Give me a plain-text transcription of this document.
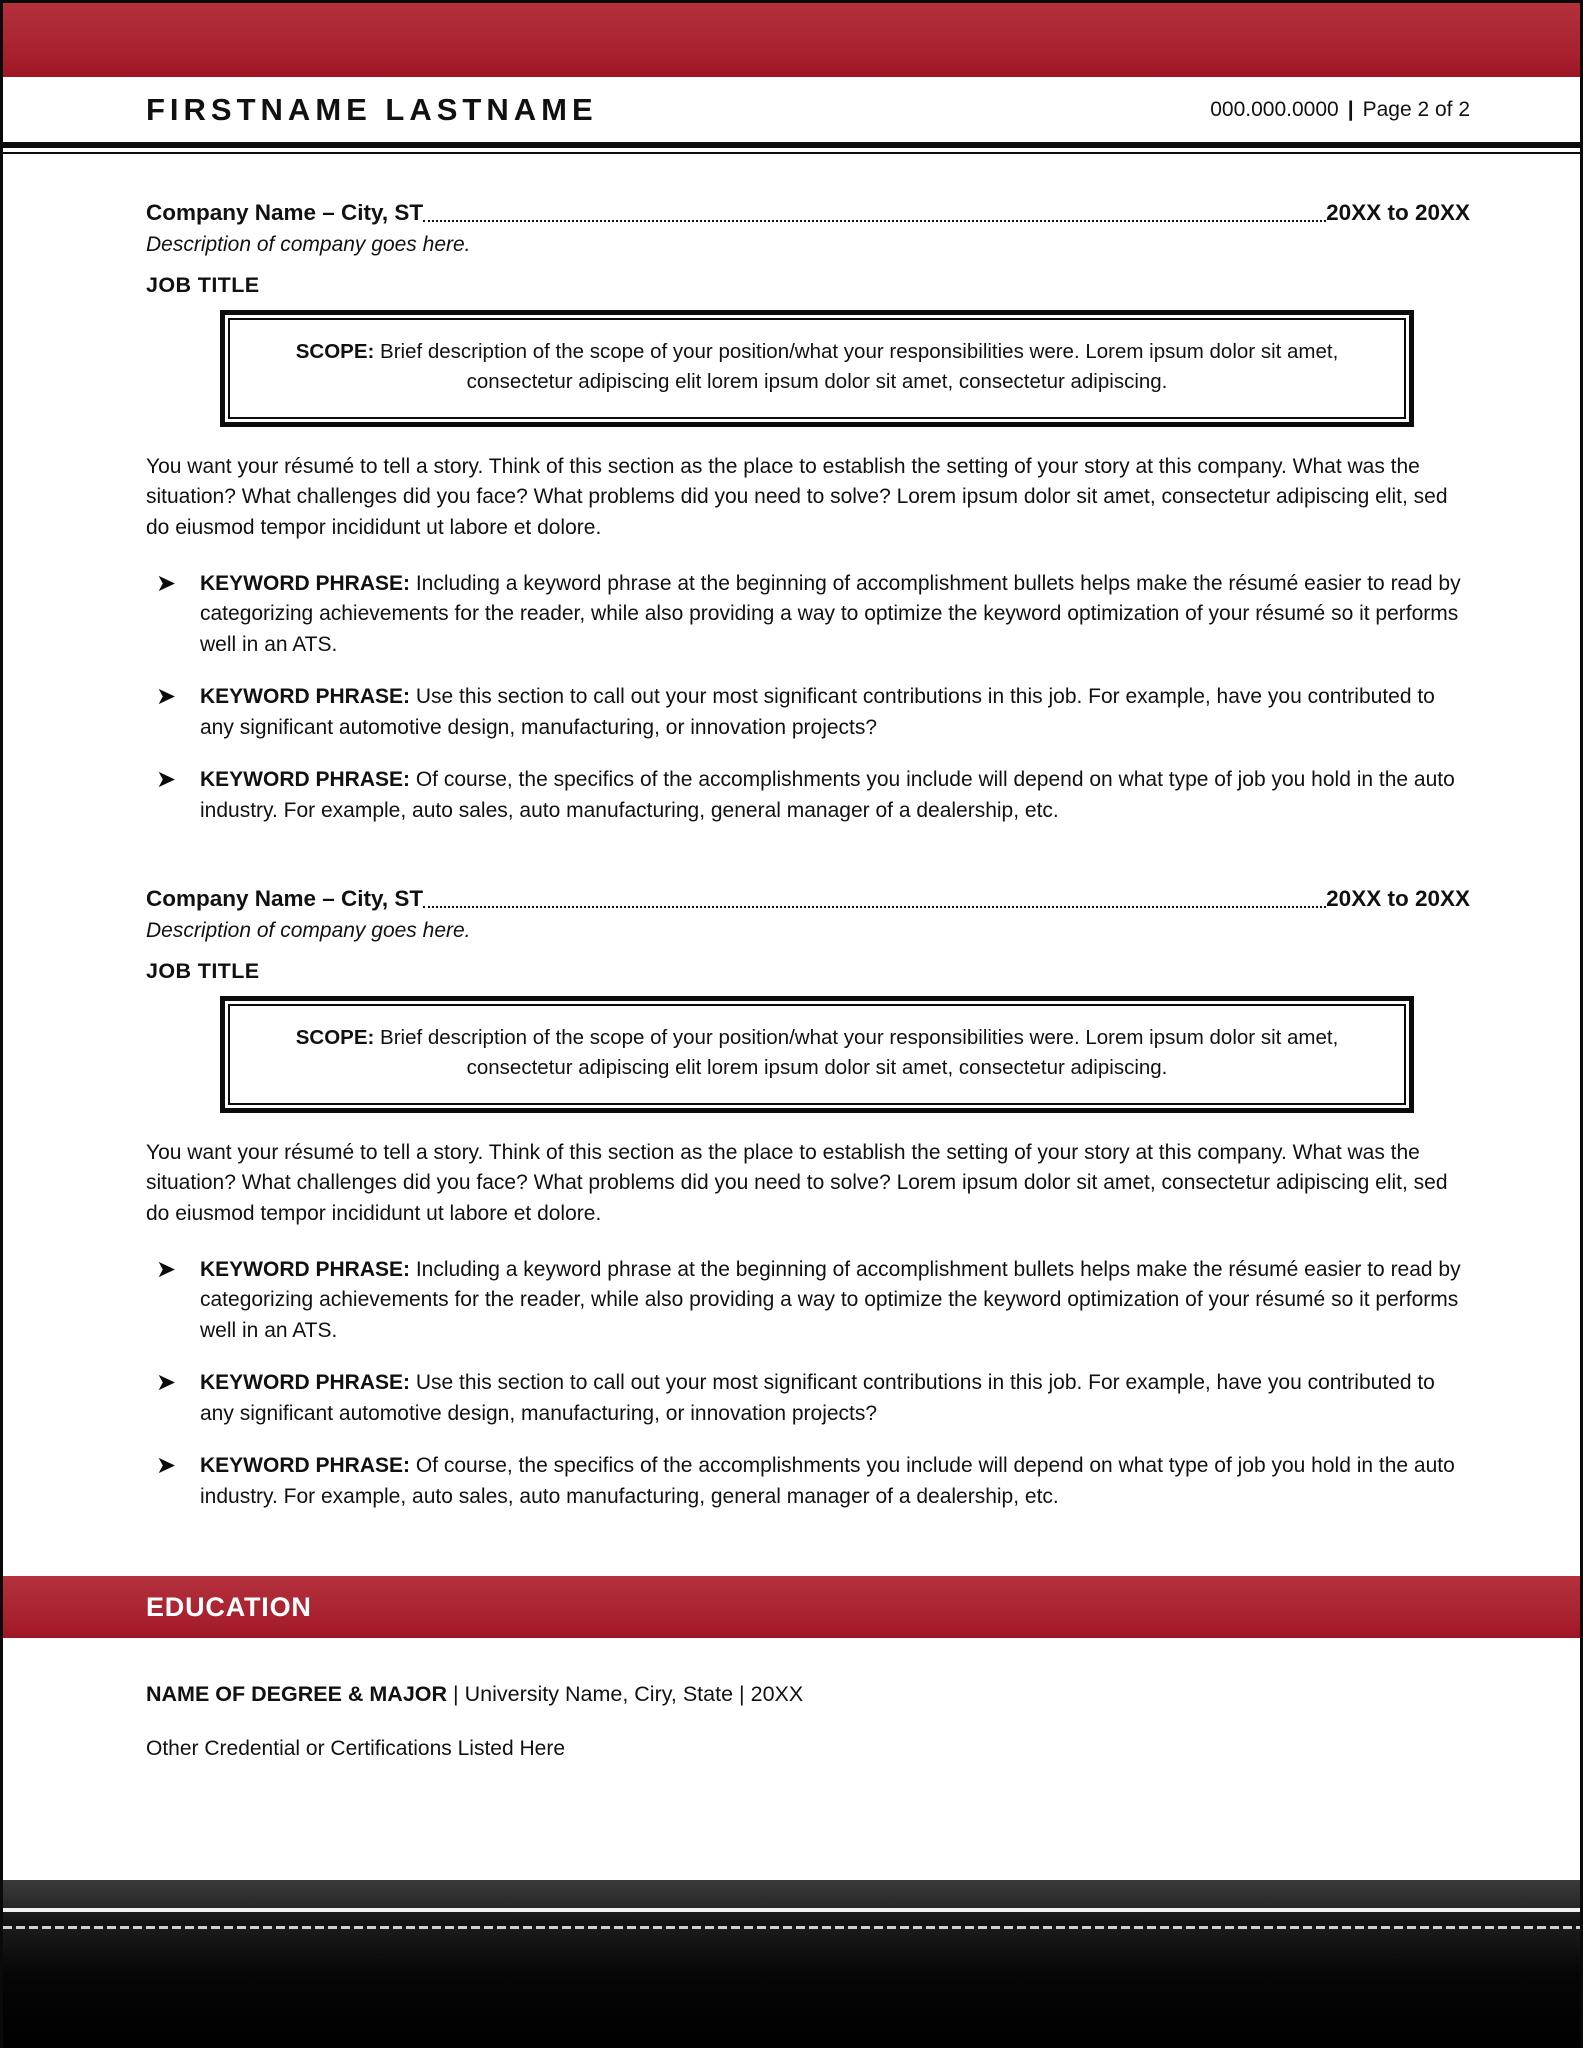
FIRSTNAME LASTNAME	000.000.0000 | Page 2 of 2
Company Name – City, ST	20XX to 20XX
Description of company goes here.
JOB TITLE
SCOPE: Brief description of the scope of your position/what your responsibilities were. Lorem ipsum dolor sit amet, consectetur adipiscing elit lorem ipsum dolor sit amet, consectetur adipiscing.
You want your résumé to tell a story. Think of this section as the place to establish the setting of your story at this company. What was the situation? What challenges did you face? What problems did you need to solve? Lorem ipsum dolor sit amet, consectetur adipiscing elit, sed do eiusmod tempor incididunt ut labore et dolore.
➤	KEYWORD PHRASE: Including a keyword phrase at the beginning of accomplishment bullets helps make the résumé easier to read by categorizing achievements for the reader, while also providing a way to optimize the keyword optimization of your résumé so it performs well in an ATS.
➤	KEYWORD PHRASE: Use this section to call out your most significant contributions in this job. For example, have you contributed to any significant automotive design, manufacturing, or innovation projects?
➤	KEYWORD PHRASE: Of course, the specifics of the accomplishments you include will depend on what type of job you hold in the auto industry. For example, auto sales, auto manufacturing, general manager of a dealership, etc.
Company Name – City, ST	20XX to 20XX
Description of company goes here.
JOB TITLE
SCOPE: Brief description of the scope of your position/what your responsibilities were. Lorem ipsum dolor sit amet, consectetur adipiscing elit lorem ipsum dolor sit amet, consectetur adipiscing.
You want your résumé to tell a story. Think of this section as the place to establish the setting of your story at this company. What was the situation? What challenges did you face? What problems did you need to solve? Lorem ipsum dolor sit amet, consectetur adipiscing elit, sed do eiusmod tempor incididunt ut labore et dolore.
➤	KEYWORD PHRASE: Including a keyword phrase at the beginning of accomplishment bullets helps make the résumé easier to read by categorizing achievements for the reader, while also providing a way to optimize the keyword optimization of your résumé so it performs well in an ATS.
➤	KEYWORD PHRASE: Use this section to call out your most significant contributions in this job. For example, have you contributed to any significant automotive design, manufacturing, or innovation projects?
➤	KEYWORD PHRASE: Of course, the specifics of the accomplishments you include will depend on what type of job you hold in the auto industry. For example, auto sales, auto manufacturing, general manager of a dealership, etc.
EDUCATION
NAME OF DEGREE & MAJOR | University Name, Ciry, State | 20XX
Other Credential or Certifications Listed Here
